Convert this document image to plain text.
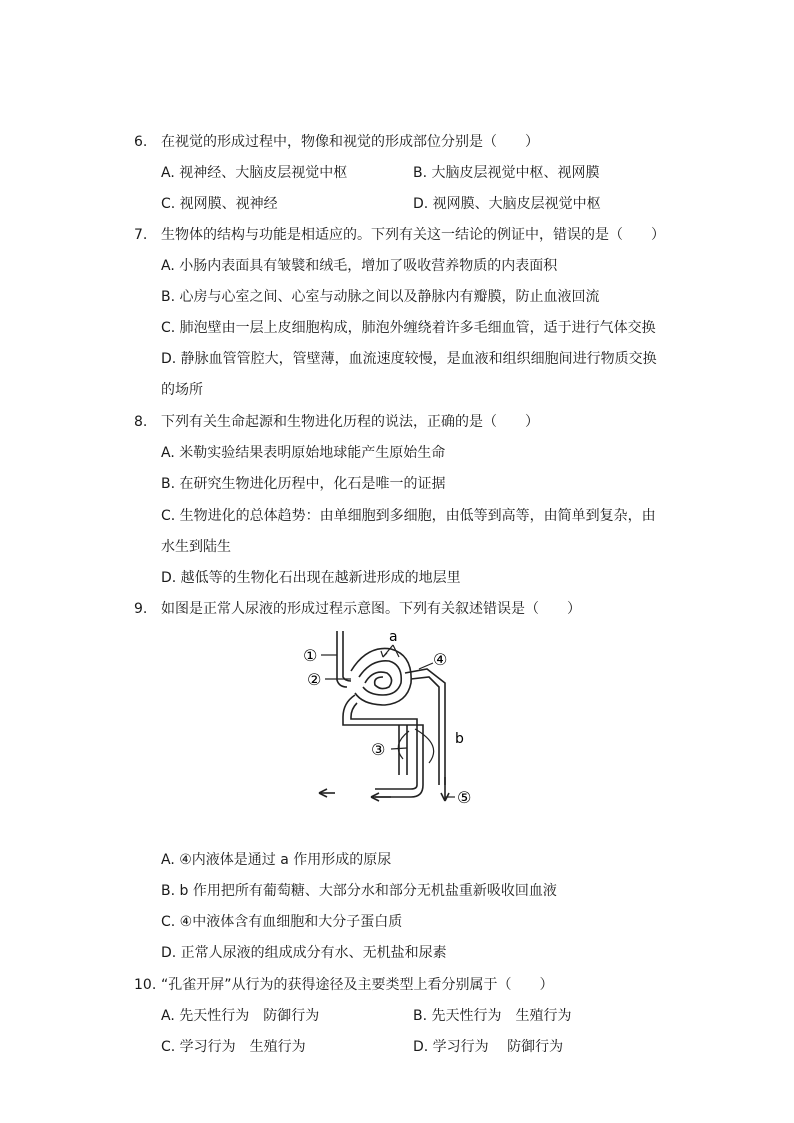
6. 在视觉的形成过程中，物像和视觉的形成部位分别是（　　）
A. 视神经、大脑皮层视觉中枢	B. 大脑皮层视觉中枢、视网膜
C. 视网膜、视神经	D. 视网膜、大脑皮层视觉中枢
7. 生物体的结构与功能是相适应的。下列有关这一结论的例证中，错误的是（　　）
A. 小肠内表面具有皱襞和绒毛，增加了吸收营养物质的内表面积
B. 心房与心室之间、心室与动脉之间以及静脉内有瓣膜，防止血液回流
C. 肺泡壁由一层上皮细胞构成，肺泡外缠绕着许多毛细血管，适于进行气体交换
D. 静脉血管管腔大，管壁薄，血流速度较慢，是血液和组织细胞间进行物质交换
的场所
8. 下列有关生命起源和生物进化历程的说法，正确的是（　　）
A. 米勒实验结果表明原始地球能产生原始生命
B. 在研究生物进化历程中，化石是唯一的证据
C. 生物进化的总体趋势：由单细胞到多细胞，由低等到高等，由简单到复杂，由
水生到陆生
D. 越低等的生物化石出现在越新进形成的地层里
9. 如图是正常人尿液的形成过程示意图。下列有关叙述错误是（　　）
①
②
③
④
⑤
a
b
A. ④内液体是通过 a 作用形成的原尿
B. b 作用把所有葡萄糖、大部分水和部分无机盐重新吸收回血液
C. ④中液体含有血细胞和大分子蛋白质
D. 正常人尿液的组成成分有水、无机盐和尿素
10. “孔雀开屏”从行为的获得途径及主要类型上看分别属于（　　）
A. 先天性行为　防御行为	B. 先天性行为　生殖行为
C. 学习行为　生殖行为	D. 学习行为　 防御行为
